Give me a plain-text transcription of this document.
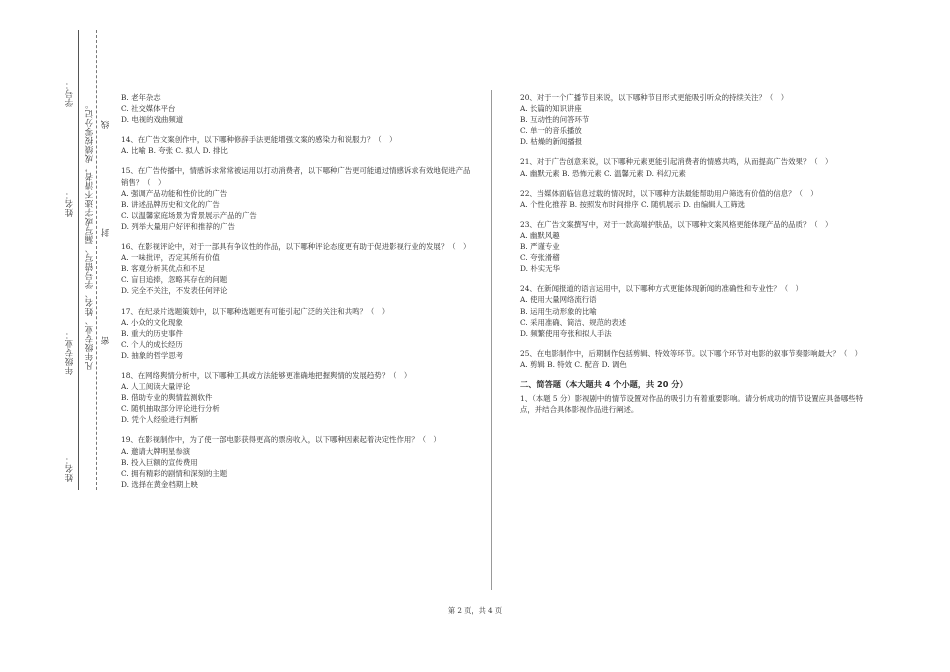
姓名：
年级专业：
姓名：
学号：
凡年级专业、姓名、学号错写、漏写或字迹不清者，成绩按零分记。 密　　　　　　　　　　　封　　　　　　　　　　　线

B. 老年杂志

C. 社交媒体平台

D. 电视的戏曲频道

14、在广告文案创作中，以下哪种修辞手法更能增强文案的感染力和说服力？（　）

A. 比喻 B. 夸张 C. 拟人 D. 排比

15、在广告传播中，情感诉求常常被运用以打动消费者，以下哪种广告更可能通过情感诉求有效地促进产品销售？（　）

A. 强调产品功能和性价比的广告

B. 讲述品牌历史和文化的广告

C. 以温馨家庭场景为背景展示产品的广告

D. 列举大量用户好评和推荐的广告

16、在影视评论中，对于一部具有争议性的作品，以下哪种评论态度更有助于促进影视行业的发展？（　）

A. 一味批评，否定其所有价值

B. 客观分析其优点和不足

C. 盲目追捧，忽略其存在的问题

D. 完全不关注，不发表任何评论

17、在纪录片选题策划中，以下哪种选题更有可能引起广泛的关注和共鸣？（　）

A. 小众的文化现象

B. 重大的历史事件

C. 个人的成长经历

D. 抽象的哲学思考

18、在网络舆情分析中，以下哪种工具或方法能够更准确地把握舆情的发展趋势？（　）

A. 人工阅读大量评论

B. 借助专业的舆情监测软件

C. 随机抽取部分评论进行分析

D. 凭个人经验进行判断

19、在影视制作中，为了使一部电影获得更高的票房收入，以下哪种因素起着决定性作用？（　）

A. 邀请大牌明星参演

B. 投入巨额的宣传费用

C. 拥有精彩的剧情和深刻的主题

D. 选择在黄金档期上映

20、对于一个广播节目来说，以下哪种节目形式更能吸引听众的持续关注？（　）

A. 长篇的知识讲座

B. 互动性的问答环节

C. 单一的音乐播放

D. 枯燥的新闻播报

21、对于广告创意来说，以下哪种元素更能引起消费者的情感共鸣，从而提高广告效果？（　）

A. 幽默元素 B. 恐怖元素 C. 温馨元素 D. 科幻元素

22、当媒体面临信息过载的情况时，以下哪种方法最能帮助用户筛选有价值的信息？（　）

A. 个性化推荐 B. 按照发布时间排序 C. 随机展示 D. 由编辑人工筛选

23、在广告文案撰写中，对于一款高端护肤品，以下哪种文案风格更能体现产品的品质？（　）

A. 幽默风趣

B. 严谨专业

C. 夸张滑稽

D. 朴实无华

24、在新闻报道的语言运用中，以下哪种方式更能体现新闻的准确性和专业性？（　）

A. 使用大量网络流行语

B. 运用生动形象的比喻

C. 采用准确、简洁、规范的表述

D. 频繁使用夸张和拟人手法

25、在电影制作中，后期制作包括剪辑、特效等环节。以下哪个环节对电影的叙事节奏影响最大？（　）

A. 剪辑 B. 特效 C. 配音 D. 调色

二、简答题（本大题共 4 个小题，共 20 分）

1、（本题 5 分）影视剧中的情节设置对作品的吸引力有着重要影响。请分析成功的情节设置应具备哪些特点，并结合具体影视作品进行阐述。

第 2 页，共 4 页
